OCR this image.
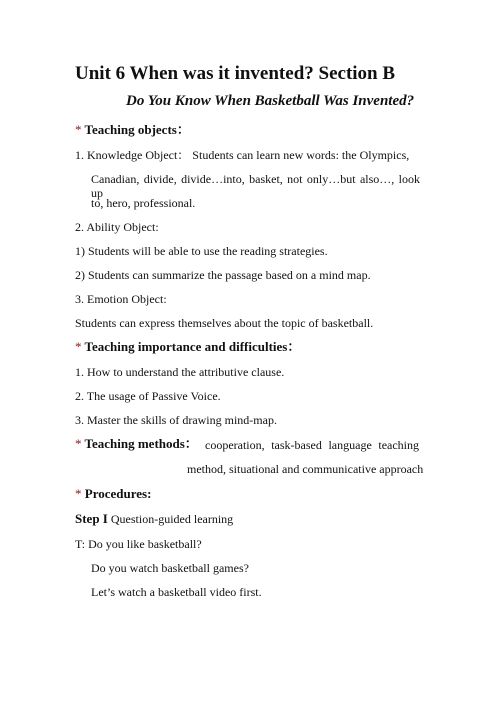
Unit 6 When was it invented? Section B
Do You Know When Basketball Was Invented?
* Teaching objects：
1. Knowledge Object： Students can learn new words: the Olympics,
Canadian, divide, divide…into, basket, not only…but also…, look up
to, hero, professional.
2. Ability Object:
1) Students will be able to use the reading strategies.
2) Students can summarize the passage based on a mind map.
3. Emotion Object:
Students can express themselves about the topic of basketball.
* Teaching importance and difficulties：
1. How to understand the attributive clause.
2. The usage of Passive Voice.
3. Master the skills of drawing mind-map.
* Teaching methods： cooperation, task-based language teaching
method, situational and communicative approach
* Procedures:
Step I Question-guided learning
T: Do you like basketball?
Do you watch basketball games?
Let’s watch a basketball video first.
